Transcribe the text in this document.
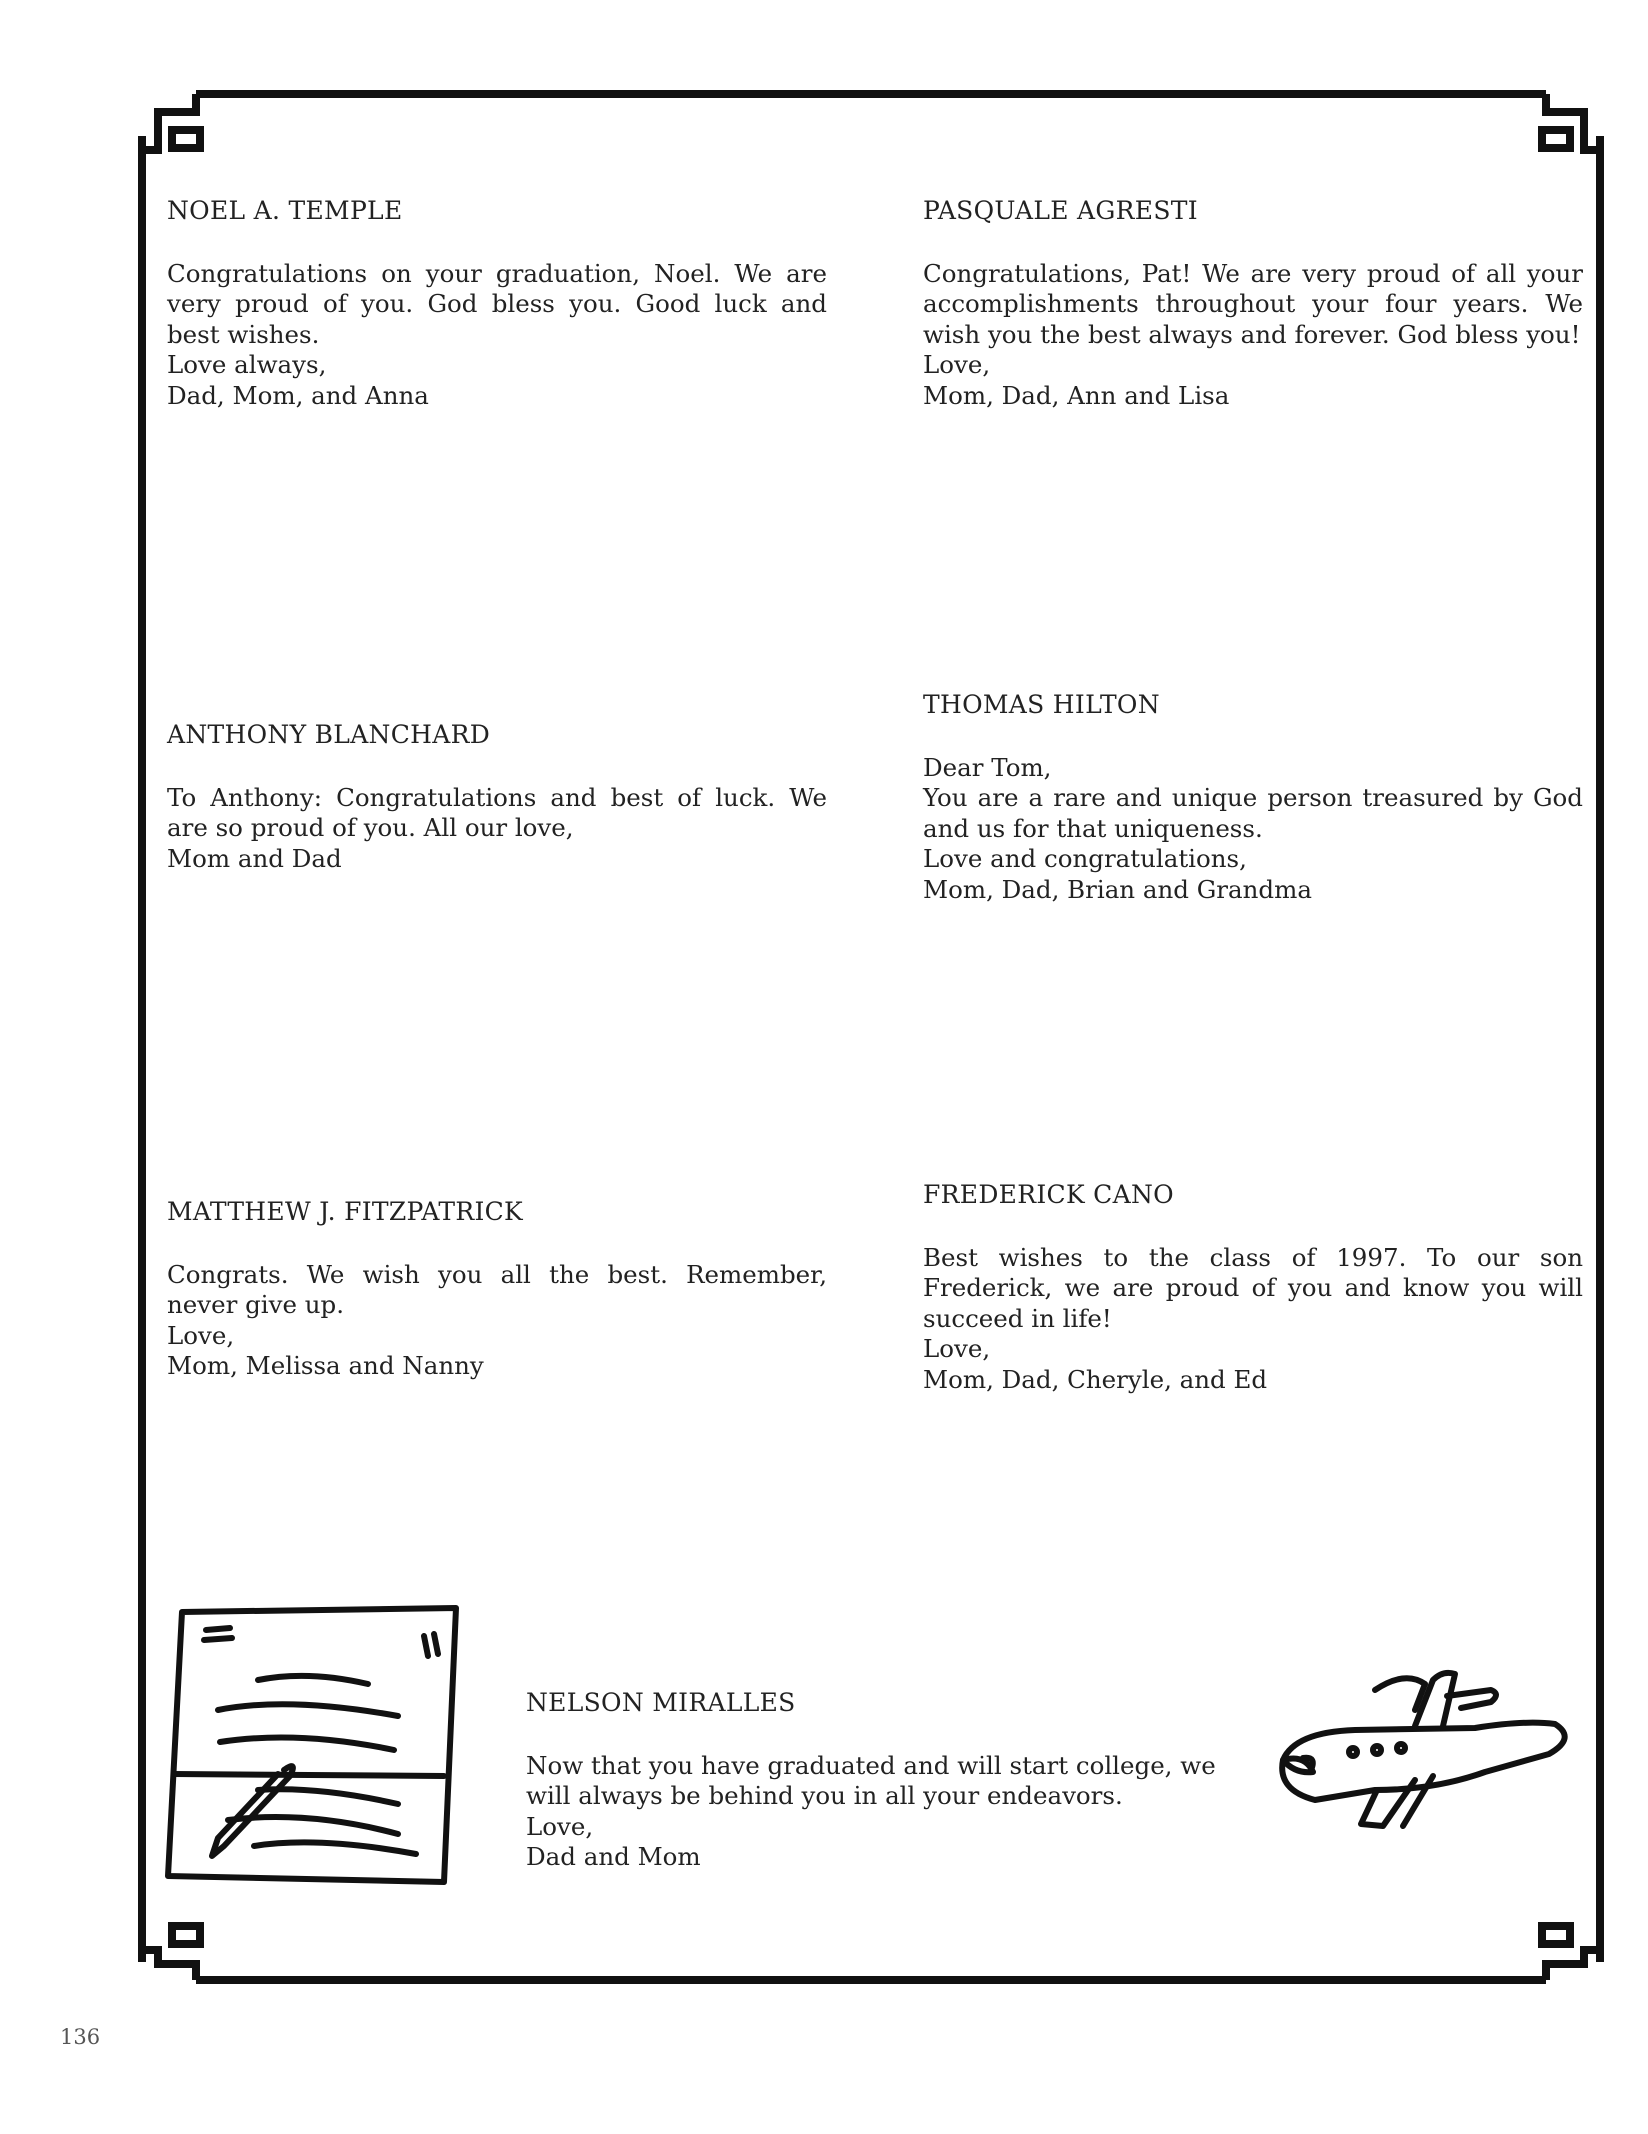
NOEL A. TEMPLE

Congratulations on your graduation, Noel. We are very proud of you. God bless you. Good luck and best wishes.

Love always,

Dad, Mom, and Anna

PASQUALE AGRESTI

Congratulations, Pat! We are very proud of all your accomplishments throughout your four years. We wish you the best always and forever. God bless you!

Love,

Mom, Dad, Ann and Lisa

ANTHONY BLANCHARD

To Anthony: Congratulations and best of luck. We are so proud of you. All our love,

Mom and Dad

THOMAS HILTON

Dear Tom,

You are a rare and unique person treasured by God and us for that uniqueness.

Love and congratulations,

Mom, Dad, Brian and Grandma

MATTHEW J. FITZPATRICK

Congrats. We wish you all the best. Remember, never give up.

Love,

Mom, Melissa and Nanny

FREDERICK CANO

Best wishes to the class of 1997. To our son Frederick, we are proud of you and know you will succeed in life!

Love,

Mom, Dad, Cheryle, and Ed

NELSON MIRALLES

Now that you have graduated and will start college, we will always be behind you in all your endeavors.

Love,

Dad and Mom

136
